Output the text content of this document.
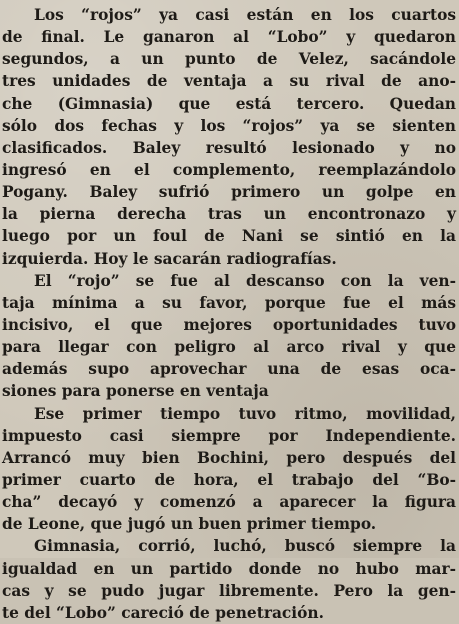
Los “rojos” ya casi están en los cuartos
de final. Le ganaron al “Lobo” y quedaron
segundos, a un punto de Velez, sacándole
tres unidades de ventaja a su rival de ano-
che (Gimnasia) que está tercero. Quedan
sólo dos fechas y los “rojos” ya se sienten
clasificados. Baley resultó lesionado y no
ingresó en el complemento, reemplazándolo
Pogany. Baley sufrió primero un golpe en
la pierna derecha tras un encontronazo y
luego por un foul de Nani se sintió en la
izquierda. Hoy le sacarán radiografías.
El “rojo” se fue al descanso con la ven-
taja mínima a su favor, porque fue el más
incisivo, el que mejores oportunidades tuvo
para llegar con peligro al arco rival y que
además supo aprovechar una de esas oca-
siones para ponerse en ventaja
Ese primer tiempo tuvo ritmo, movilidad,
impuesto casi siempre por Independiente.
Arrancó muy bien Bochini, pero después del
primer cuarto de hora, el trabajo del “Bo-
cha” decayó y comenzó a aparecer la figura
de Leone, que jugó un buen primer tiempo.
Gimnasia, corrió, luchó, buscó siempre la
igualdad en un partido donde no hubo mar-
cas y se pudo jugar libremente. Pero la gen-
te del “Lobo” careció de penetración.
